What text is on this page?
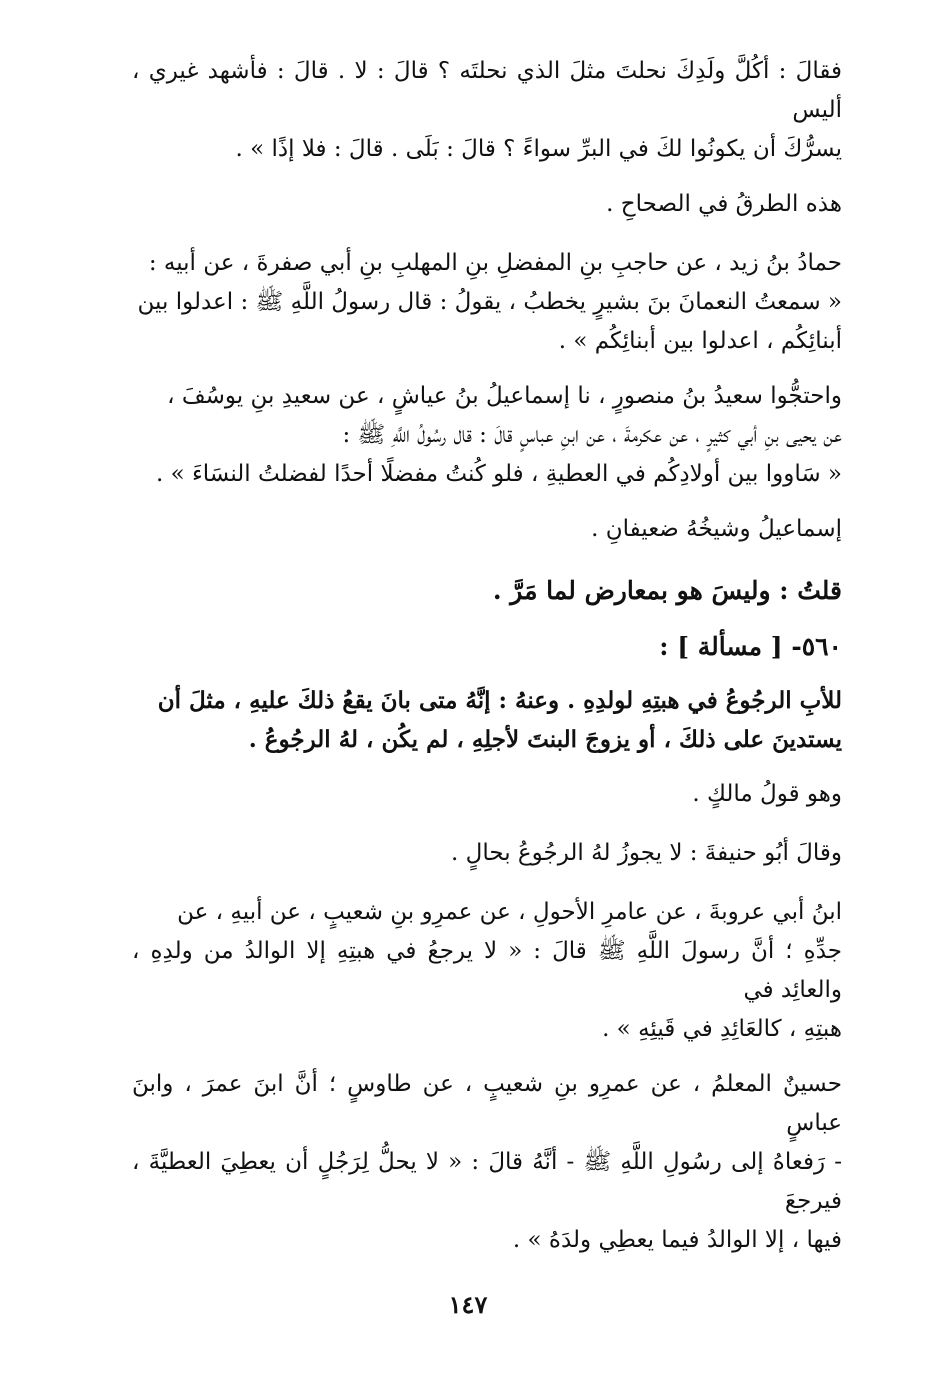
فقالَ : أكُلَّ ولَدِكَ نحلتَ مثلَ الذي نحلتَه ؟ قالَ : لا . قالَ : فأشهد غيري ، أليس
يسرُّكَ أن يكونُوا لكَ في البرِّ سواءً ؟ قالَ : بَلَى . قالَ : فلا إذًا » .

هذه الطرقُ في الصحاحِ .

حمادُ بنُ زيد ، عن حاجبِ بنِ المفضلِ بنِ المهلبِ بنِ أبي صفرةَ ، عن أبيه :
« سمعتُ النعمانَ بنَ بشيرٍ يخطبُ ، يقولُ : قال رسولُ اللَّهِ ﷺ : اعدلوا بين
أبنائِكُم ، اعدلوا بين أبنائِكُم » .

واحتجُّوا سعيدُ بنُ منصورٍ ، نا إسماعيلُ بنُ عياشٍ ، عن سعيدِ بنِ يوسُفَ ،
عن يحيى بنِ أبي كثيرٍ ، عن عكرمةَ ، عن ابنِ عباسٍ قالَ : قال رسُولُ اللَّهِ ﷺ :
« سَاووا بين أولادِكُم في العطيةِ ، فلو كُنتُ مفضلًا أحدًا لفضلتُ النسَاءَ » .

إسماعيلُ وشيخُهُ ضعيفانِ .

قلتُ : وليسَ هو بمعارض لما مَرَّ .

٥٦٠- [ مسألة ] :

للأبِ الرجُوعُ في هبتِهِ لولدِهِ . وعنهُ : إنَّهُ متى بانَ يقعُ ذلكَ عليهِ ، مثلَ أن
يستدينَ على ذلكَ ، أو يزوجَ البنتَ لأجلِهِ ، لم يكُن ، لهُ الرجُوعُ .

وهو قولُ مالكٍ .

وقالَ أبُو حنيفةَ : لا يجوزُ لهُ الرجُوعُ بحالٍ .

ابنُ أبي عروبةَ ، عن عامرِ الأحولِ ، عن عمرِو بنِ شعيبٍ ، عن أبيهِ ، عن
جدِّهِ ؛ أنَّ رسولَ اللَّهِ ﷺ قالَ : « لا يرجعُ في هبتِهِ إلا الوالدُ من ولدِهِ ، والعائِد في
هبتِهِ ، كالعَائِدِ في قَيئِهِ » .

حسينٌ المعلمُ ، عن عمرِو بنِ شعيبٍ ، عن طاوسٍ ؛ أنَّ ابنَ عمرَ ، وابنَ عباسٍ
- رَفعاهُ إلى رسُولِ اللَّهِ ﷺ - أنَّهُ قالَ : « لا يحلُّ لِرَجُلٍ أن يعطِيَ العطيَّةَ ، فيرجعَ
فيها ، إلا الوالدُ فيما يعطِي ولدَهُ » .

١٤٧
